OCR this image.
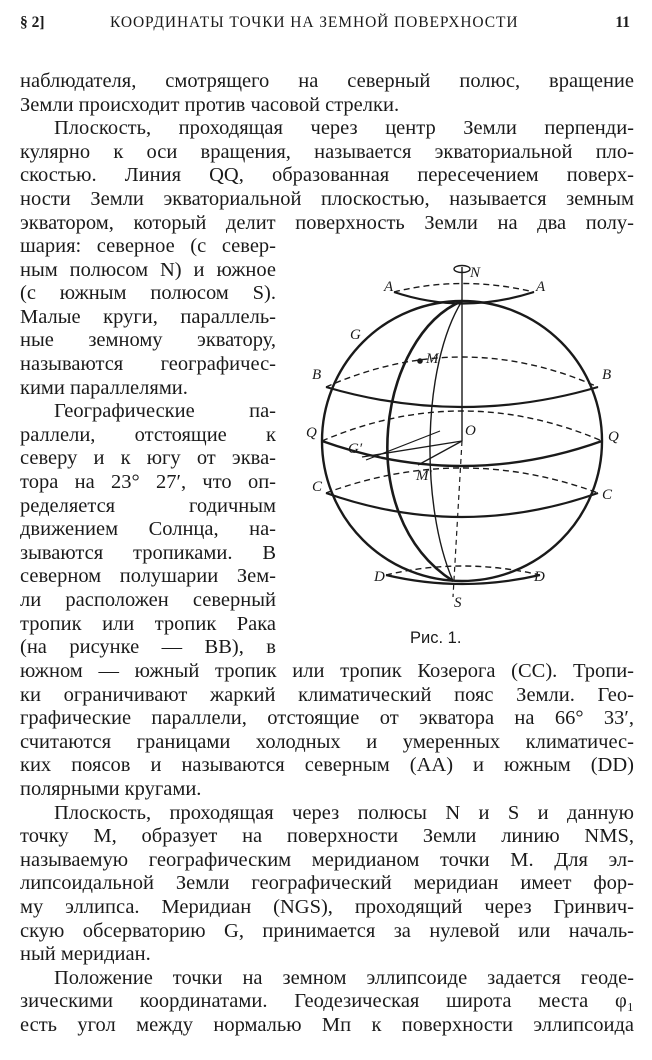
§ 2]	КООРДИНАТЫ ТОЧКИ НА ЗЕМНОЙ ПОВЕРХНОСТИ	11
наблюдателя, смотрящего на северный полюс, вращение
Земли происходит против часовой стрелки.
Плоскость, проходящая через центр Земли перпенди-
кулярно к оси вращения, называется экваториальной пло-
скостью. Линия QQ, образованная пересечением поверх-
ности Земли экваториальной плоскостью, называется земным
экватором, который делит поверхность Земли на два полу-
шария: северное (с север-
ным полюсом N) и южное
(с южным полюсом S).
Малые круги, параллель-
ные земному экватору,
называются географичес-
кими параллелями.
Географические па-
раллели, отстоящие к
северу и к югу от эква-
тора на 23° 27′, что оп-
ределяется годичным
движением Солнца, на-
зываются тропиками. В
северном полушарии Зем-
ли расположен северный
тропик или тропик Рака
(на рисунке — BB), в
южном — южный тропик или тропик Козерога (CC). Тропи-
ки ограничивают жаркий климатический пояс Земли. Гео-
графические параллели, отстоящие от экватора на 66° 33′,
считаются границами холодных и умеренных климатичес-
ких поясов и называются северным (AA) и южным (DD)
полярными кругами.
Плоскость, проходящая через полюсы N и S и данную
точку M, образует на поверхности Земли линию NMS,
называемую географическим меридианом точки M. Для эл-
липсоидальной Земли географический меридиан имеет фор-
му эллипса. Меридиан (NGS), проходящий через Гринвич-
скую обсерваторию G, принимается за нулевой или началь-
ный меридиан.
Положение точки на земном эллипсоиде задается геоде-
зическими координатами. Геодезическая широта места φ₁
есть угол между нормалью Mп к поверхности эллипсоида
N
S
O
M
M′
G
G′
A	A
B	B
Q	Q
C	C
D	D
Рис. 1.
